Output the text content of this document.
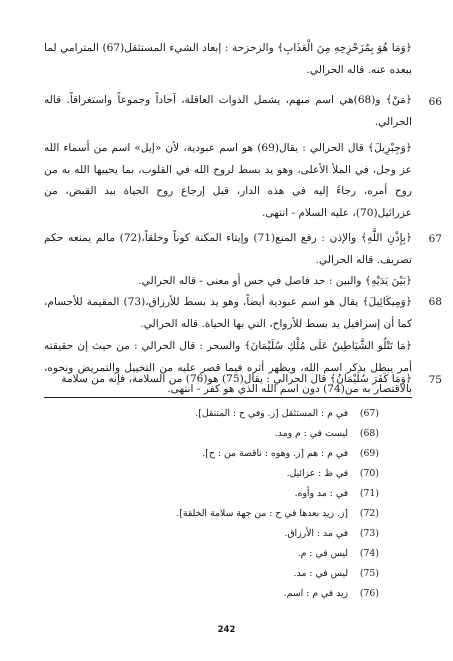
﴿وَمَا هُوَ بِمُزَحْزِحِهِ مِنَ الْعَذَابِ﴾ والزحزحة : إبعاد الشيء المستثقل(67) المترامي لما يبعده عنه. قاله الحرالي.
66
﴿مَنْ﴾ و(68)هي اسم مبهم، يشمل الذوات العاقلة، آحاداً وجموعاً واستغراقاً. قاله الحرالي.
﴿وَجِبْرِيلَ﴾ قال الحرالي : يقال(69) هو اسم عبودية، لأن «إيل» اسم من أسماء الله عز وجل، في الملأ الأعلى، وهو يد بسط لروح الله في القلوب، بما يحييها الله به من روح أمره، رجاءً إليه في هذه الدار، قبل إرجاع روح الحياة بيد القبض، من عزرائيل(70)، عليه السلام - انتهى.
67
﴿بِإِذْنِ اللَّهِ﴾ والإذن : رفع المنع(71) وإيتاء المكنة كوناً وخلقاً،(72) مالم يمنعه حكم تصريف. قاله الحرالي.
﴿بَيْنَ يَدَيْهِ﴾ والبين : حد فاصل في حس أو معنى - قاله الحرالي.
68
﴿وَمِيكَائِيلَ﴾ يقال هو اسم عبودية أيضاً، وهو يد بسط للأرزاق،(73) المقيمة للأجسام، كما أن إسرافيل يد بسط للأرواح، التي بها الحياة. قاله الحرالي.
﴿مَا تَتْلُو الشَّيَاطِينُ عَلَى مُلْكِ سُلَيْمَانَ﴾ والسحر : قال الحرالي : من حيث إن حقيقته أمر يبطل بذكر اسم الله، ويظهر أثره فيما قصر عليه من التخييل والتمريض ونحوه، بالاقتصار به من(74) دون اسم الله الذي هو كفر - انتهى.
75
﴿وَمَا كَفَرَ سُلَيْمَانُ﴾ قال الحرالي : يقال(75) هو(76) من السلامة، فإنه من سلامة
(67) في م : المستثقل [ز. وفي ح : المتنقل].
(68) ليست في : م ومد.
(69) في م : هم [ز. وهوه : ناقصة من : ح].
(70) في ظ : عزائيل.
(71) في : مد وأوه.
(72) [ز. زيد بعدها في ح : من جهة سلامة الخلقة].
(73) في مد : الأرزاق.
(74) ليس في : م.
(75) ليس في : مد.
(76) زيد في م : اسم.
242
